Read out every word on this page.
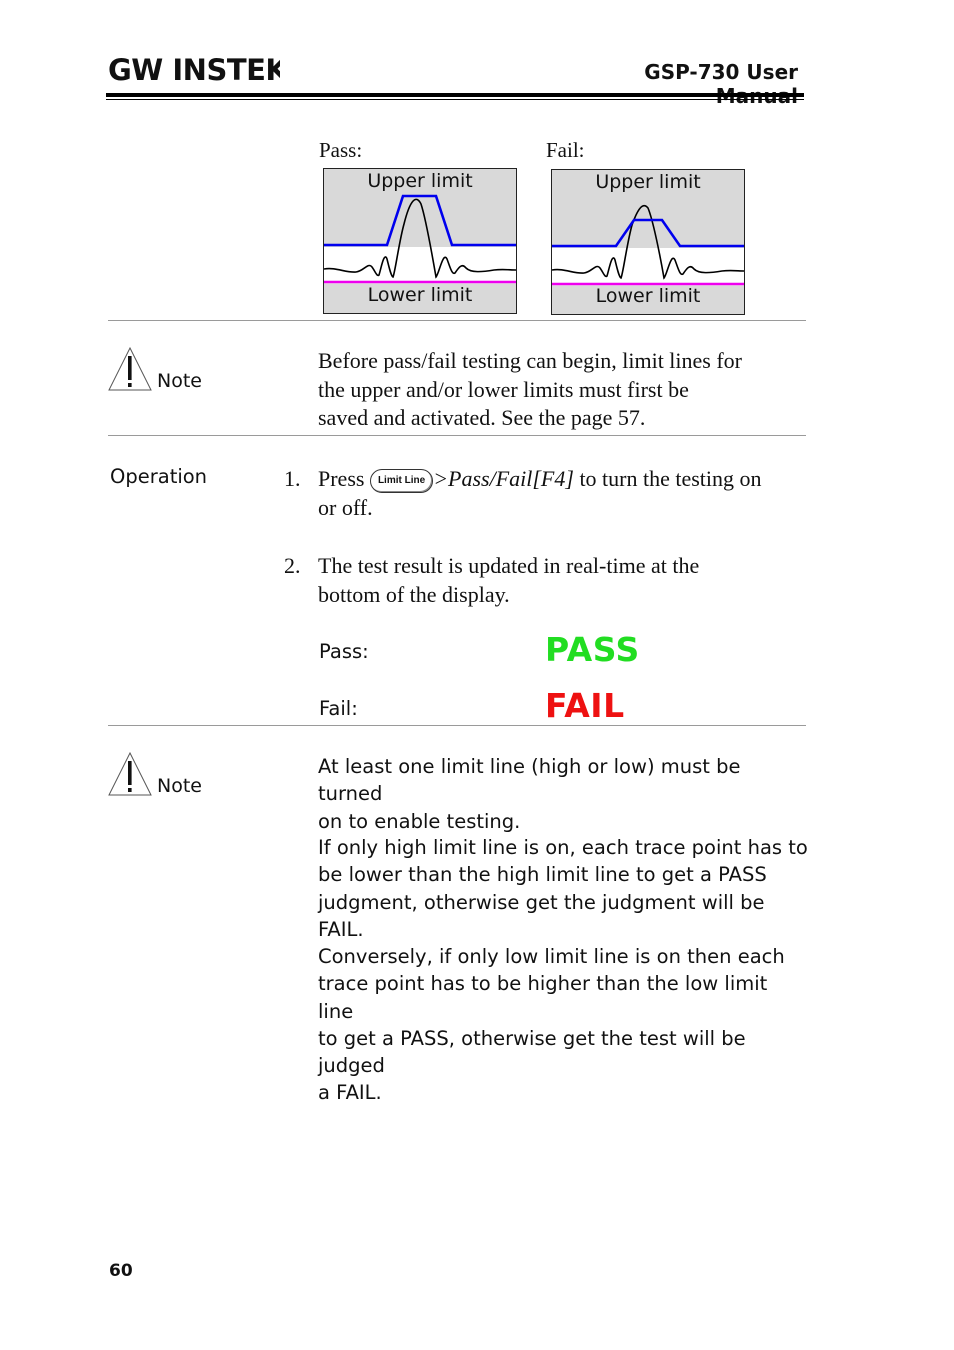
GW INSTEK	GSP-730 User
Pass:	Fail:
Upper limit
Lower limit
Upper limit
Lower limit
Note
Before pass/fail testing can begin, limit lines for
the upper and/or lower limits must first be
saved and activated. See the page 57.
Operation	1. Press Limit Line >Pass/Fail[F4] to turn the testing on
or off.
2. The test result is updated in real-time at the
bottom of the display.
Pass:	PASS
Fail:	FAIL
Note
At least one limit line (high or low) must be turned
on to enable testing.
If only high limit line is on, each trace point has to
be lower than the high limit line to get a PASS
judgment, otherwise get the judgment will be FAIL.
Conversely, if only low limit line is on then each
trace point has to be higher than the low limit line
to get a PASS, otherwise get the test will be judged
a FAIL.
60
